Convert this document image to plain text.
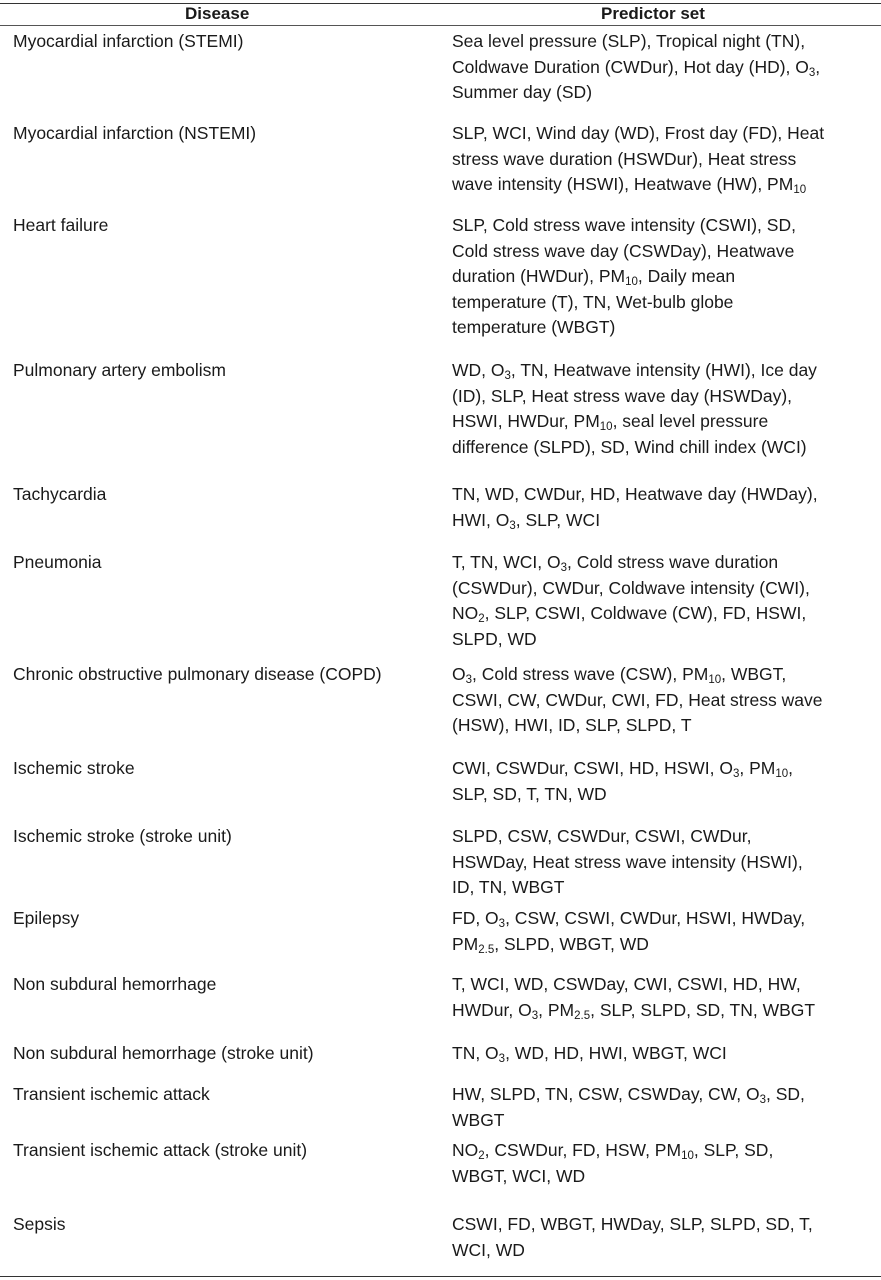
Disease	Predictor set
Myocardial infarction (STEMI)	Sea level pressure (SLP), Tropical night (TN),
Coldwave Duration (CWDur), Hot day (HD), $O_3$,
Summer day (SD)
Myocardial infarction (NSTEMI)	SLP, WCI, Wind day (WD), Frost day (FD), Heat
stress wave duration (HSWDur), Heat stress
wave intensity (HSWI), Heatwave (HW), $PM_{10}$
Heart failure	SLP, Cold stress wave intensity (CSWI), SD,
Cold stress wave day (CSWDay), Heatwave
duration (HWDur), $PM_{10}$, Daily mean
temperature (T), TN, Wet-bulb globe
temperature (WBGT)
Pulmonary artery embolism	WD, $O_3$, TN, Heatwave intensity (HWI), Ice day
(ID), SLP, Heat stress wave day (HSWDay),
HSWI, HWDur, $PM_{10}$, seal level pressure
difference (SLPD), SD, Wind chill index (WCI)
Tachycardia	TN, WD, CWDur, HD, Heatwave day (HWDay),
HWI, $O_3$, SLP, WCI
Pneumonia	T, TN, WCI, $O_3$, Cold stress wave duration
(CSWDur), CWDur, Coldwave intensity (CWI),
$NO_2$, SLP, CSWI, Coldwave (CW), FD, HSWI,
SLPD, WD
Chronic obstructive pulmonary disease (COPD)	$O_3$, Cold stress wave (CSW), $PM_{10}$, WBGT,
CSWI, CW, CWDur, CWI, FD, Heat stress wave
(HSW), HWI, ID, SLP, SLPD, T
Ischemic stroke	CWI, CSWDur, CSWI, HD, HSWI, $O_3$, $PM_{10}$,
SLP, SD, T, TN, WD
Ischemic stroke (stroke unit)	SLPD, CSW, CSWDur, CSWI, CWDur,
HSWDay, Heat stress wave intensity (HSWI),
ID, TN, WBGT
Epilepsy	FD, $O_3$, CSW, CSWI, CWDur, HSWI, HWDay,
$PM_{2.5}$, SLPD, WBGT, WD
Non subdural hemorrhage	T, WCI, WD, CSWDay, CWI, CSWI, HD, HW,
HWDur, $O_3$, $PM_{2.5}$, SLP, SLPD, SD, TN, WBGT
Non subdural hemorrhage (stroke unit)	TN, $O_3$, WD, HD, HWI, WBGT, WCI
Transient ischemic attack	HW, SLPD, TN, CSW, CSWDay, CW, $O_3$, SD,
WBGT
Transient ischemic attack (stroke unit)	$NO_2$, CSWDur, FD, HSW, $PM_{10}$, SLP, SD,
WBGT, WCI, WD
Sepsis	CSWI, FD, WBGT, HWDay, SLP, SLPD, SD, T,
WCI, WD
